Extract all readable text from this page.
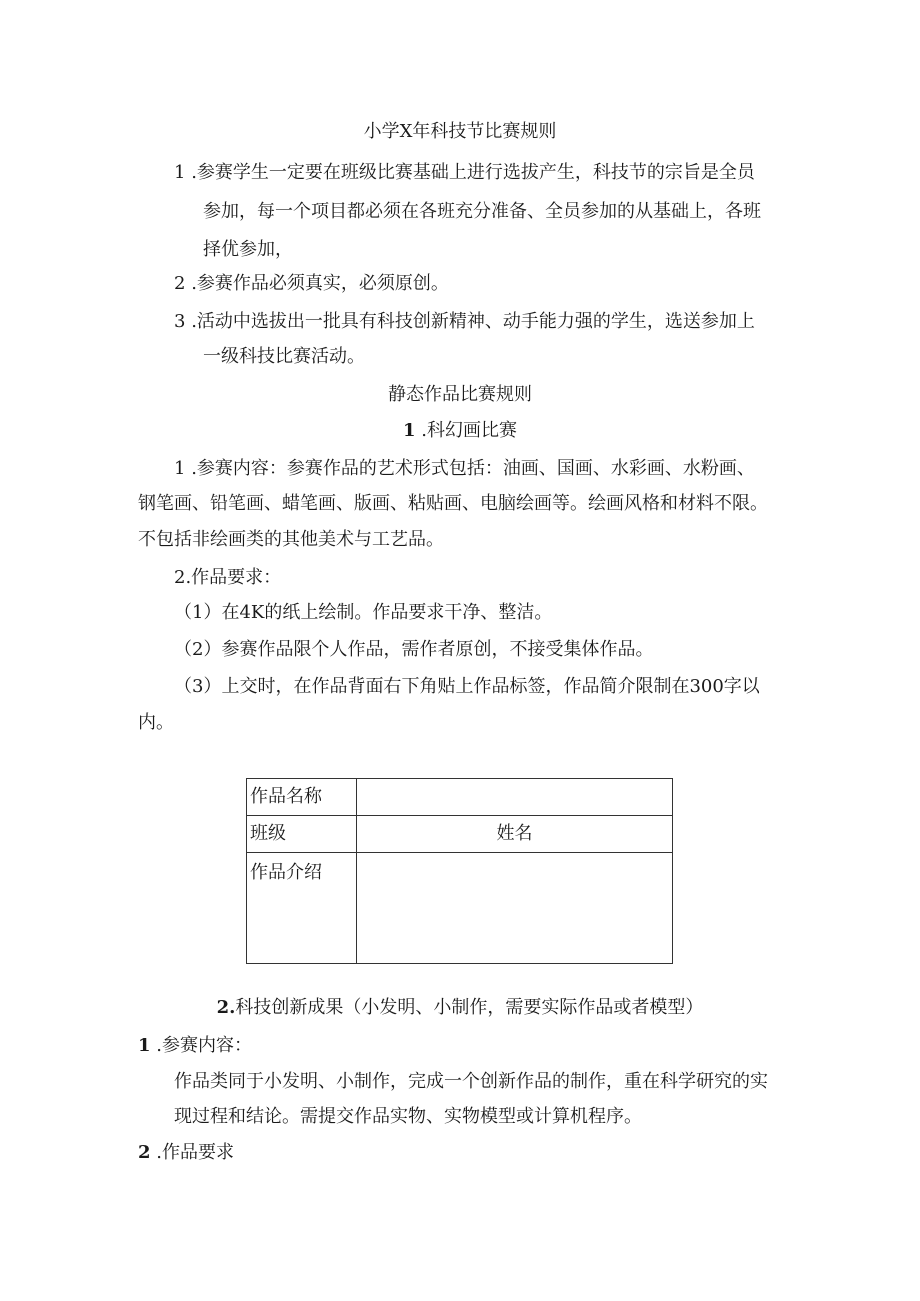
小学X年科技节比赛规则
1 .参赛学生一定要在班级比赛基础上进行选拔产生，科技节的宗旨是全员
参加，每一个项目都必须在各班充分准备、全员参加的从基础上，各班
择优参加，
2 .参赛作品必须真实，必须原创。
3 .活动中选拔出一批具有科技创新精神、动手能力强的学生，选送参加上
一级科技比赛活动。
静态作品比赛规则
1 .科幻画比赛
1 .参赛内容：参赛作品的艺术形式包括：油画、国画、水彩画、水粉画、
钢笔画、铅笔画、蜡笔画、版画、粘贴画、电脑绘画等。绘画风格和材料不限。
不包括非绘画类的其他美术与工艺品。
2.作品要求：
（1）在4K的纸上绘制。作品要求干净、整洁。
（2）参赛作品限个人作品，需作者原创，不接受集体作品。
（3）上交时，在作品背面右下角贴上作品标签，作品简介限制在300字以
内。
作品名称	
班级	姓名
作品介绍	
2.科技创新成果（小发明、小制作，需要实际作品或者模型）
1 .参赛内容：
作品类同于小发明、小制作，完成一个创新作品的制作，重在科学研究的实
现过程和结论。需提交作品实物、实物模型或计算机程序。
2 .作品要求
